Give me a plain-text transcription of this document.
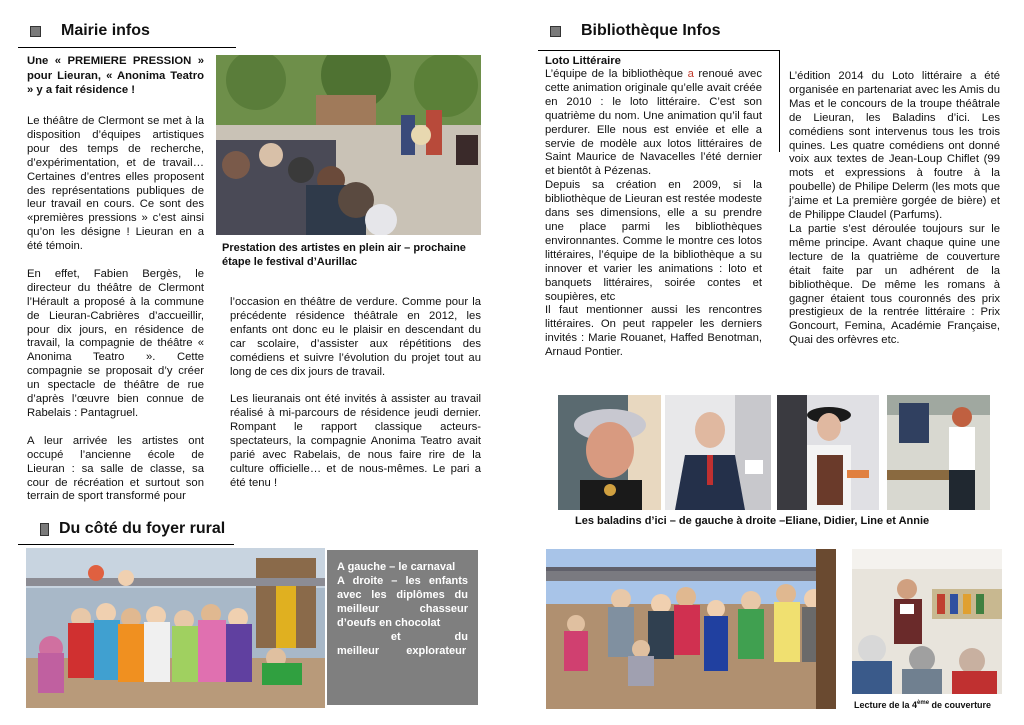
Mairie infos
Une « PREMIERE PRESSION » pour Lieuran, « Anonima Teatro » y a fait résidence !

Le théâtre de Clermont se met à la disposition d’équipes artistiques pour des temps de recherche, d’expérimentation, et de travail… Certaines d’entres elles proposent des représentations publiques de leur travail en cours. Ce sont des «premières pressions » c’est ainsi qu’on les désigne ! Lieuran en a été témoin.

En effet, Fabien Bergès, le directeur du théâtre de Clermont l’Hérault a proposé à la commune de Lieuran-Cabrières d’accueillir, pour dix jours, en résidence de travail, la compagnie de théâtre « Anonima Teatro ». Cette compagnie se proposait d’y créer un spectacle de théâtre de rue d’après l’œuvre bien connue de Rabelais : Pantagruel.

A leur arrivée les artistes ont occupé l’ancienne école de Lieuran : sa salle de classe, sa cour de récréation et surtout son terrain de sport transformé pour

Prestation des artistes en plein air – prochaine étape le festival d’Aurillac

l’occasion en théâtre de verdure. Comme pour la précédente résidence théâtrale en 2012, les enfants ont donc eu le plaisir en descendant du car scolaire, d’assister aux répétitions des comédiens et suivre l’évolution du projet tout au long de ces dix jours de travail.

Les lieuranais ont été invités à assister au travail réalisé à mi-parcours de résidence jeudi dernier. Rompant le rapport classique acteurs-spectateurs, la compagnie Anonima Teatro avait parié avec Rabelais, de nous faire rire de la culture officielle… et de nous-mêmes. Le pari a été tenu !

Du côté du foyer rural
A gauche – le carnaval
A droite – les enfants avec les diplômes du meilleur chasseur d’oeufs en chocolat
et du meilleur explorateur
Bibliothèque Infos
Loto Littéraire
L’équipe de la bibliothèque a renoué avec cette animation originale qu’elle avait créée en 2010 : le loto littéraire. C’est son quatrième du nom. Une animation qu’il faut perdurer. Elle nous est enviée et elle a servie de modèle aux lotos littéraires de Saint Maurice de Navacelles l’été dernier et bientôt à Pézenas.
Depuis sa création en 2009, si la bibliothèque de Lieuran est restée modeste dans ses dimensions, elle a su prendre une place parmi les bibliothèques environnantes. Comme le montre ces lotos littéraires, l’équipe de la bibliothèque a su innover et varier les animations : loto et banquets littéraires, soirée contes et soupières, etc
Il faut mentionner aussi les rencontres littéraires. On peut rappeler les derniers invités : Marie Rouanet, Haffed Benotman, Arnaud Pontier.
L’édition 2014 du Loto littéraire a été organisée en partenariat avec les Amis du Mas et le concours de la troupe théâtrale de Lieuran, les Baladins d’ici. Les comédiens sont intervenus tous les trois quines. Les quatre comédiens ont donné voix aux textes de Jean-Loup Chiflet (99 mots et expressions à foutre à la poubelle) de Philipe Delerm (les mots que j’aime et La première gorgée de bière) et de Philippe Claudel (Parfums).
La partie s’est déroulée toujours sur le même principe. Avant chaque quine une lecture de la quatrième de couverture était faite par un adhérent de la bibliothèque. De même les romans à gagner étaient tous couronnés des prix prestigieux de la rentrée littéraire : Prix Goncourt, Femina, Académie Française, Quai des orfèvres etc.
Les baladins d’ici – de gauche à droite –Eliane, Didier, Line et Annie
Lecture de la 4ème de couverture
